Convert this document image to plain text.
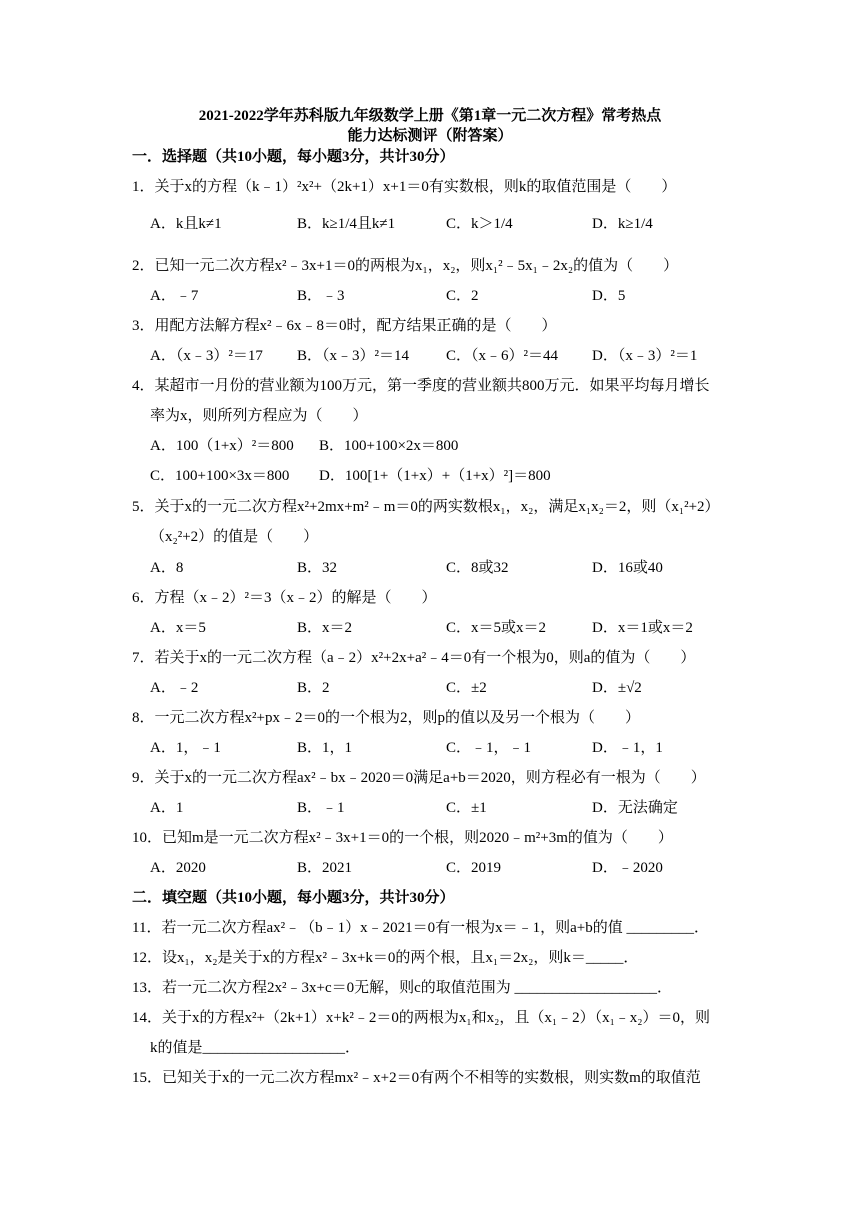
2021-2022学年苏科版九年级数学上册《第1章一元二次方程》常考热点
能力达标测评（附答案）
一．选择题（共10小题，每小题3分，共计30分）
1．关于x的方程（k﹣1）²x²+（2k+1）x+1＝0有实数根，则k的取值范围是（　　）
A．k且k≠1	B．k≥1/4且k≠1	C．k＞1/4	D．k≥1/4
2．已知一元二次方程x²﹣3x+1＝0的两根为x₁，x₂，则x₁²﹣5x₁﹣2x₂的值为（　　）
A．﹣7	B．﹣3	C．2	D．5
3．用配方法解方程x²﹣6x﹣8＝0时，配方结果正确的是（　　）
A．（x﹣3）²＝17 B．（x﹣3）²＝14 C．（x﹣6）²＝44 D．（x﹣3）²＝1
4．某超市一月份的营业额为100万元，第一季度的营业额共800万元．如果平均每月增长
率为x，则所列方程应为（　　）
A．100（1+x）²＝800 B．100+100×2x＝800
C．100+100×3x＝800 D．100[1+（1+x）+（1+x）²]＝800
5．关于x的一元二次方程x²+2mx+m²﹣m＝0的两实数根x₁，x₂，满足x₁x₂＝2，则（x₁²+2）
（x₂²+2）的值是（　　）
A．8	B．32	C．8或32	D．16或40
6．方程（x﹣2）²＝3（x﹣2）的解是（　　）
A．x＝5	B．x＝2	C．x＝5或x＝2	D．x＝1或x＝2
7．若关于x的一元二次方程（a﹣2）x²+2x+a²﹣4＝0有一个根为0，则a的值为（　　）
A．﹣2	B．2	C．±2	D．±√2
8．一元二次方程x²+px﹣2＝0的一个根为2，则p的值以及另一个根为（　　）
A．1，﹣1	B．1，1	C．﹣1，﹣1	D．﹣1，1
9．关于x的一元二次方程ax²﹣bx﹣2020＝0满足a+b＝2020，则方程必有一根为（　　）
A．1	B．﹣1	C．±1	D．无法确定
10．已知m是一元二次方程x²﹣3x+1＝0的一个根，则2020﹣m²+3m的值为（　　）
A．2020	B．2021	C．2019	D．﹣2020
二．填空题（共10小题，每小题3分，共计30分）
11．若一元二次方程ax²﹣（b﹣1）x﹣2021＝0有一根为x＝﹣1，则a+b的值 _________．
12．设x₁，x₂是关于x的方程x²﹣3x+k＝0的两个根，且x₁＝2x₂，则k＝_____．
13．若一元二次方程2x²﹣3x+c＝0无解，则c的取值范围为 ___________________．
14．关于x的方程x²+（2k+1）x+k²﹣2＝0的两根为x₁和x₂，且（x₁﹣2）（x₁﹣x₂）＝0，则
k的值是___________________．
15．已知关于x的一元二次方程mx²﹣x+2＝0有两个不相等的实数根，则实数m的取值范
